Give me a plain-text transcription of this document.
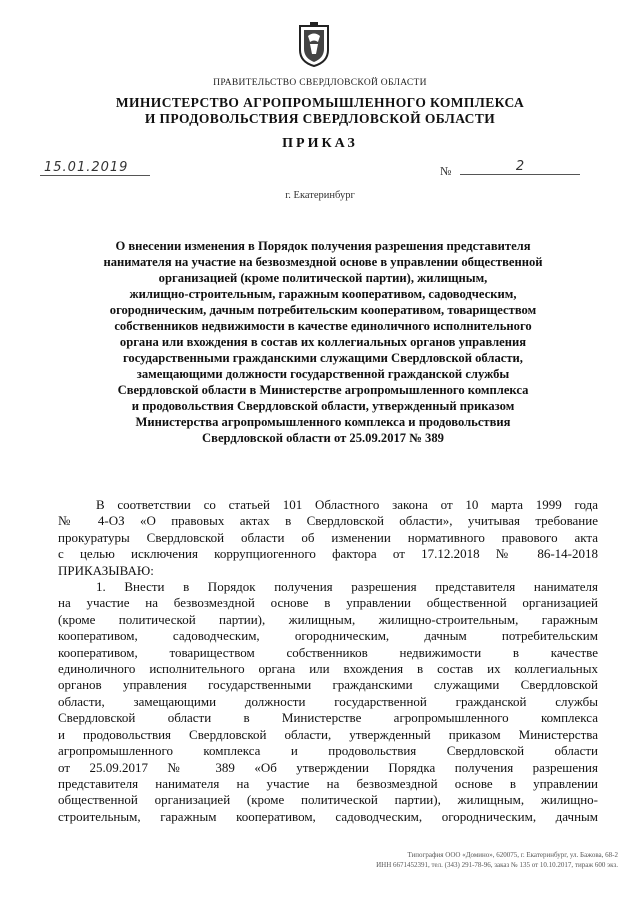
ПРАВИТЕЛЬСТВО СВЕРДЛОВСКОЙ ОБЛАСТИ
МИНИСТЕРСТВО АГРОПРОМЫШЛЕННОГО КОМПЛЕКСА
И ПРОДОВОЛЬСТВИЯ СВЕРДЛОВСКОЙ ОБЛАСТИ
ПРИКАЗ
15.01.2019	№	2
г. Екатеринбург
О внесении изменения в Порядок получения разрешения представителя
нанимателя на участие на безвозмездной основе в управлении общественной
организацией (кроме политической партии), жилищным,
жилищно-строительным, гаражным кооперативом, садоводческим,
огородническим, дачным потребительским кооперативом, товариществом
собственников недвижимости в качестве единоличного исполнительного
органа или вхождения в состав их коллегиальных органов управления
государственными гражданскими служащими Свердловской области,
замещающими должности государственной гражданской службы
Свердловской области в Министерстве агропромышленного комплекса
и продовольствия Свердловской области, утвержденный приказом
Министерства агропромышленного комплекса и продовольствия
Свердловской области от 25.09.2017 № 389
В соответствии со статьей 101 Областного закона от 10 марта 1999 года
№ 4-ОЗ «О правовых актах в Свердловской области», учитывая требование
прокуратуры Свердловской области об изменении нормативного правового акта
с целью исключения коррупциогенного фактора от 17.12.2018 № 86-14-2018
ПРИКАЗЫВАЮ:
1. Внести в Порядок получения разрешения представителя нанимателя
на участие на безвозмездной основе в управлении общественной организацией
(кроме политической партии), жилищным, жилищно-строительным, гаражным
кооперативом, садоводческим, огородническим, дачным потребительским
кооперативом, товариществом собственников недвижимости в качестве
единоличного исполнительного органа или вхождения в состав их коллегиальных
органов управления государственными гражданскими служащими Свердловской
области, замещающими должности государственной гражданской службы
Свердловской области в Министерстве агропромышленного комплекса
и продовольствия Свердловской области, утвержденный приказом Министерства
агропромышленного комплекса и продовольствия Свердловской области
от 25.09.2017 № 389 «Об утверждении Порядка получения разрешения
представителя нанимателя на участие на безвозмездной основе в управлении
общественной организацией (кроме политической партии), жилищным, жилищно-
строительным, гаражным кооперативом, садоводческим, огородническим, дачным
Типография ООО «Домино», 620075, г. Екатеринбург, ул. Бажова, 68-2
ИНН 6671452391, тел. (343) 291-78-96, заказ № 135 от 10.10.2017, тираж 600 экз.
